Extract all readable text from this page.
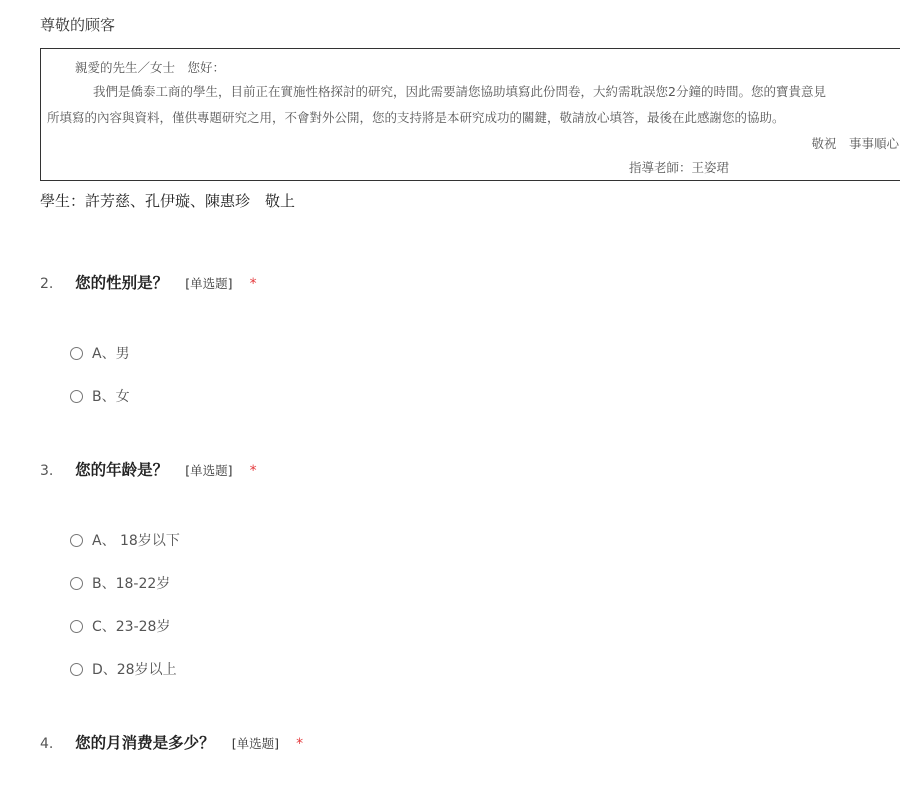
尊敬的顾客
親愛的先生／女士　您好：
我們是僑泰工商的學生，目前正在實施性格探討的研究，因此需要請您協助填寫此份問卷，大約需耽誤您2分鐘的時間。您的寶貴意見
所填寫的內容與資料，僅供專題研究之用，不會對外公開，您的支持將是本研究成功的關鍵，敬請放心填答，最後在此感謝您的協助。
敬祝　事事順心
指導老師：王姿珺
學生：許芳慈、孔伊璇、陳惠珍　敬上
2. 您的性别是？ [单选题] *
A、男
B、女
3. 您的年龄是？ [单选题] *
A、 18岁以下
B、18-22岁
C、23-28岁
D、28岁以上
4. 您的月消费是多少？ [单选题] *
